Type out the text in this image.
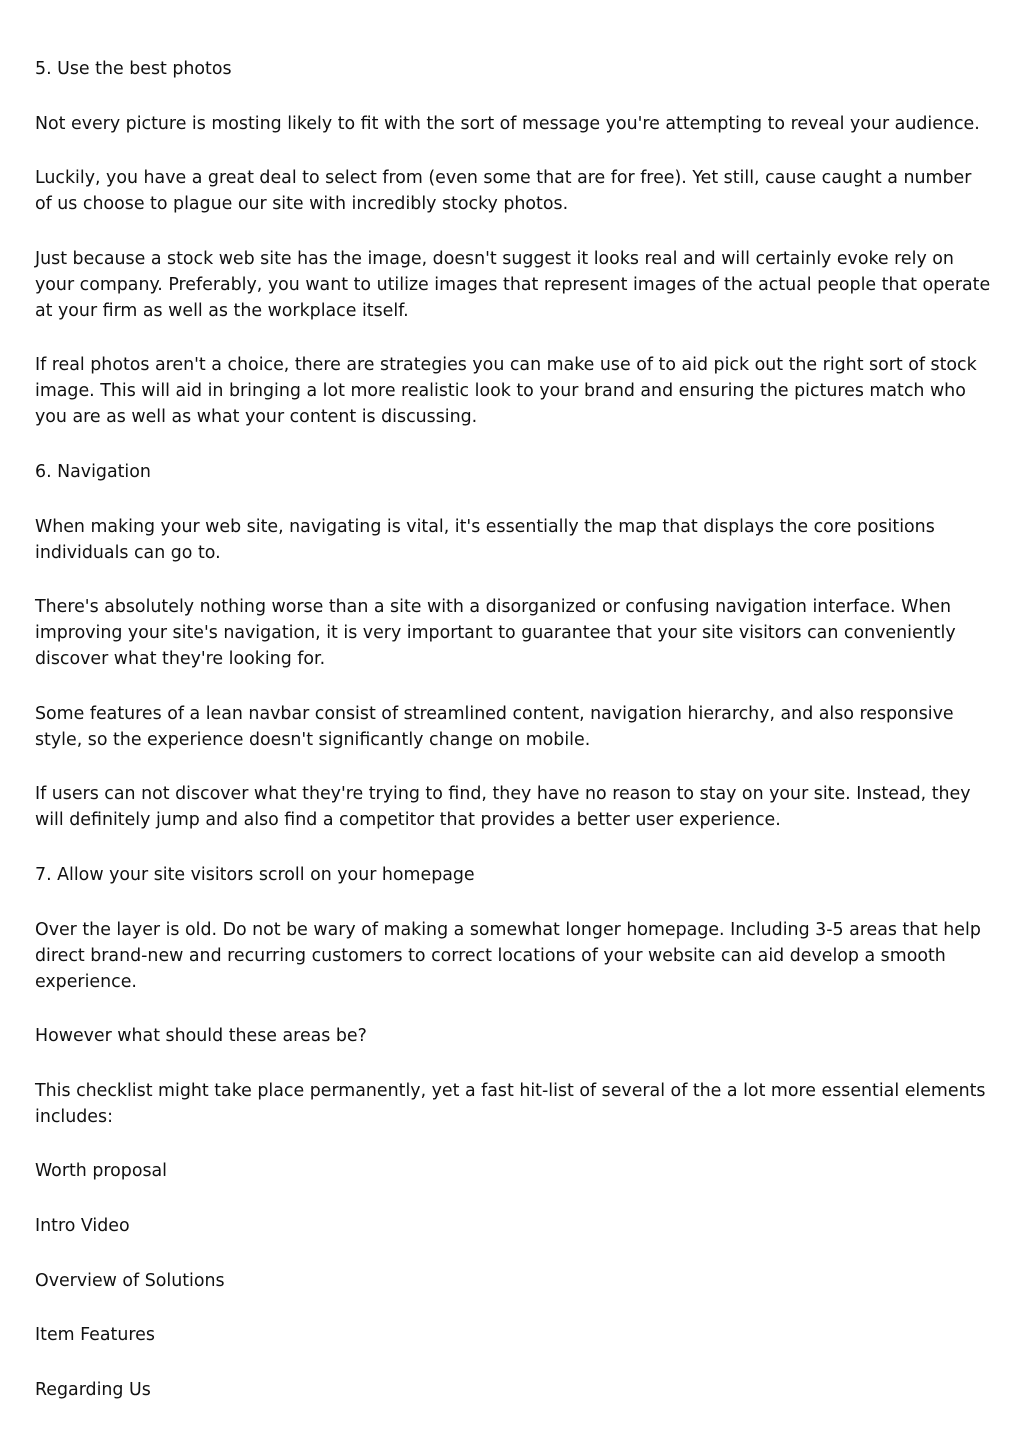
5. Use the best photos

Not every picture is mosting likely to fit with the sort of message you're attempting to reveal your audience.

Luckily, you have a great deal to select from (even some that are for free). Yet still, cause caught a number of us choose to plague our site with incredibly stocky photos.

Just because a stock web site has the image, doesn't suggest it looks real and will certainly evoke rely on your company. Preferably, you want to utilize images that represent images of the actual people that operate at your firm as well as the workplace itself.

If real photos aren't a choice, there are strategies you can make use of to aid pick out the right sort of stock image. This will aid in bringing a lot more realistic look to your brand and ensuring the pictures match who you are as well as what your content is discussing.

6. Navigation

When making your web site, navigating is vital, it's essentially the map that displays the core positions individuals can go to.

There's absolutely nothing worse than a site with a disorganized or confusing navigation interface. When improving your site's navigation, it is very important to guarantee that your site visitors can conveniently discover what they're looking for.

Some features of a lean navbar consist of streamlined content, navigation hierarchy, and also responsive style, so the experience doesn't significantly change on mobile.

If users can not discover what they're trying to find, they have no reason to stay on your site. Instead, they will definitely jump and also find a competitor that provides a better user experience.

7. Allow your site visitors scroll on your homepage

Over the layer is old. Do not be wary of making a somewhat longer homepage. Including 3-5 areas that help direct brand-new and recurring customers to correct locations of your website can aid develop a smooth experience.

However what should these areas be?

This checklist might take place permanently, yet a fast hit-list of several of the a lot more essential elements includes:

Worth proposal

Intro Video

Overview of Solutions

Item Features

Regarding Us
